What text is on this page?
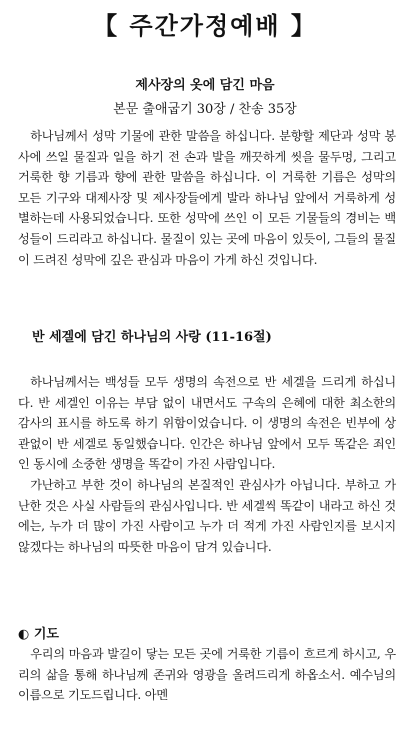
【 주간가정예배 】
제사장의 옷에 담긴 마음
본문 출애굽기 30장 / 찬송 35장

하나님께서 성막 기물에 관한 말씀을 하십니다. 분향할 제단과 성막 봉사에 쓰일 물질과 일을 하기 전 손과 발을 깨끗하게 씻을 물두멍, 그리고 거룩한 향 기름과 향에 관한 말씀을 하십니다. 이 거룩한 기름은 성막의 모든 기구와 대제사장 및 제사장들에게 발라 하나님 앞에서 거룩하게 성별하는데 사용되었습니다. 또한 성막에 쓰인 이 모든 기물들의 경비는 백성들이 드리라고 하십니다. 물질이 있는 곳에 마음이 있듯이, 그들의 물질이 드려진 성막에 깊은 관심과 마음이 가게 하신 것입니다.

반 세겔에 담긴 하나님의 사랑 (11-16절)

하나님께서는 백성들 모두 생명의 속전으로 반 세겔을 드리게 하십니다. 반 세겔인 이유는 부담 없이 내면서도 구속의 은혜에 대한 최소한의 감사의 표시를 하도록 하기 위함이었습니다. 이 생명의 속전은 빈부에 상관없이 반 세겔로 동일했습니다. 인간은 하나님 앞에서 모두 똑같은 죄인인 동시에 소중한 생명을 똑같이 가진 사람입니다.

가난하고 부한 것이 하나님의 본질적인 관심사가 아닙니다. 부하고 가난한 것은 사실 사람들의 관심사입니다. 반 세겔씩 똑같이 내라고 하신 것에는, 누가 더 많이 가진 사람이고 누가 더 적게 가진 사람인지를 보시지 않겠다는 하나님의 따뜻한 마음이 담겨 있습니다.

◐ 기도

우리의 마음과 발길이 닿는 모든 곳에 거룩한 기름이 흐르게 하시고, 우리의 삶을 통해 하나님께 존귀와 영광을 올려드리게 하옵소서. 예수님의 이름으로 기도드립니다. 아멘
